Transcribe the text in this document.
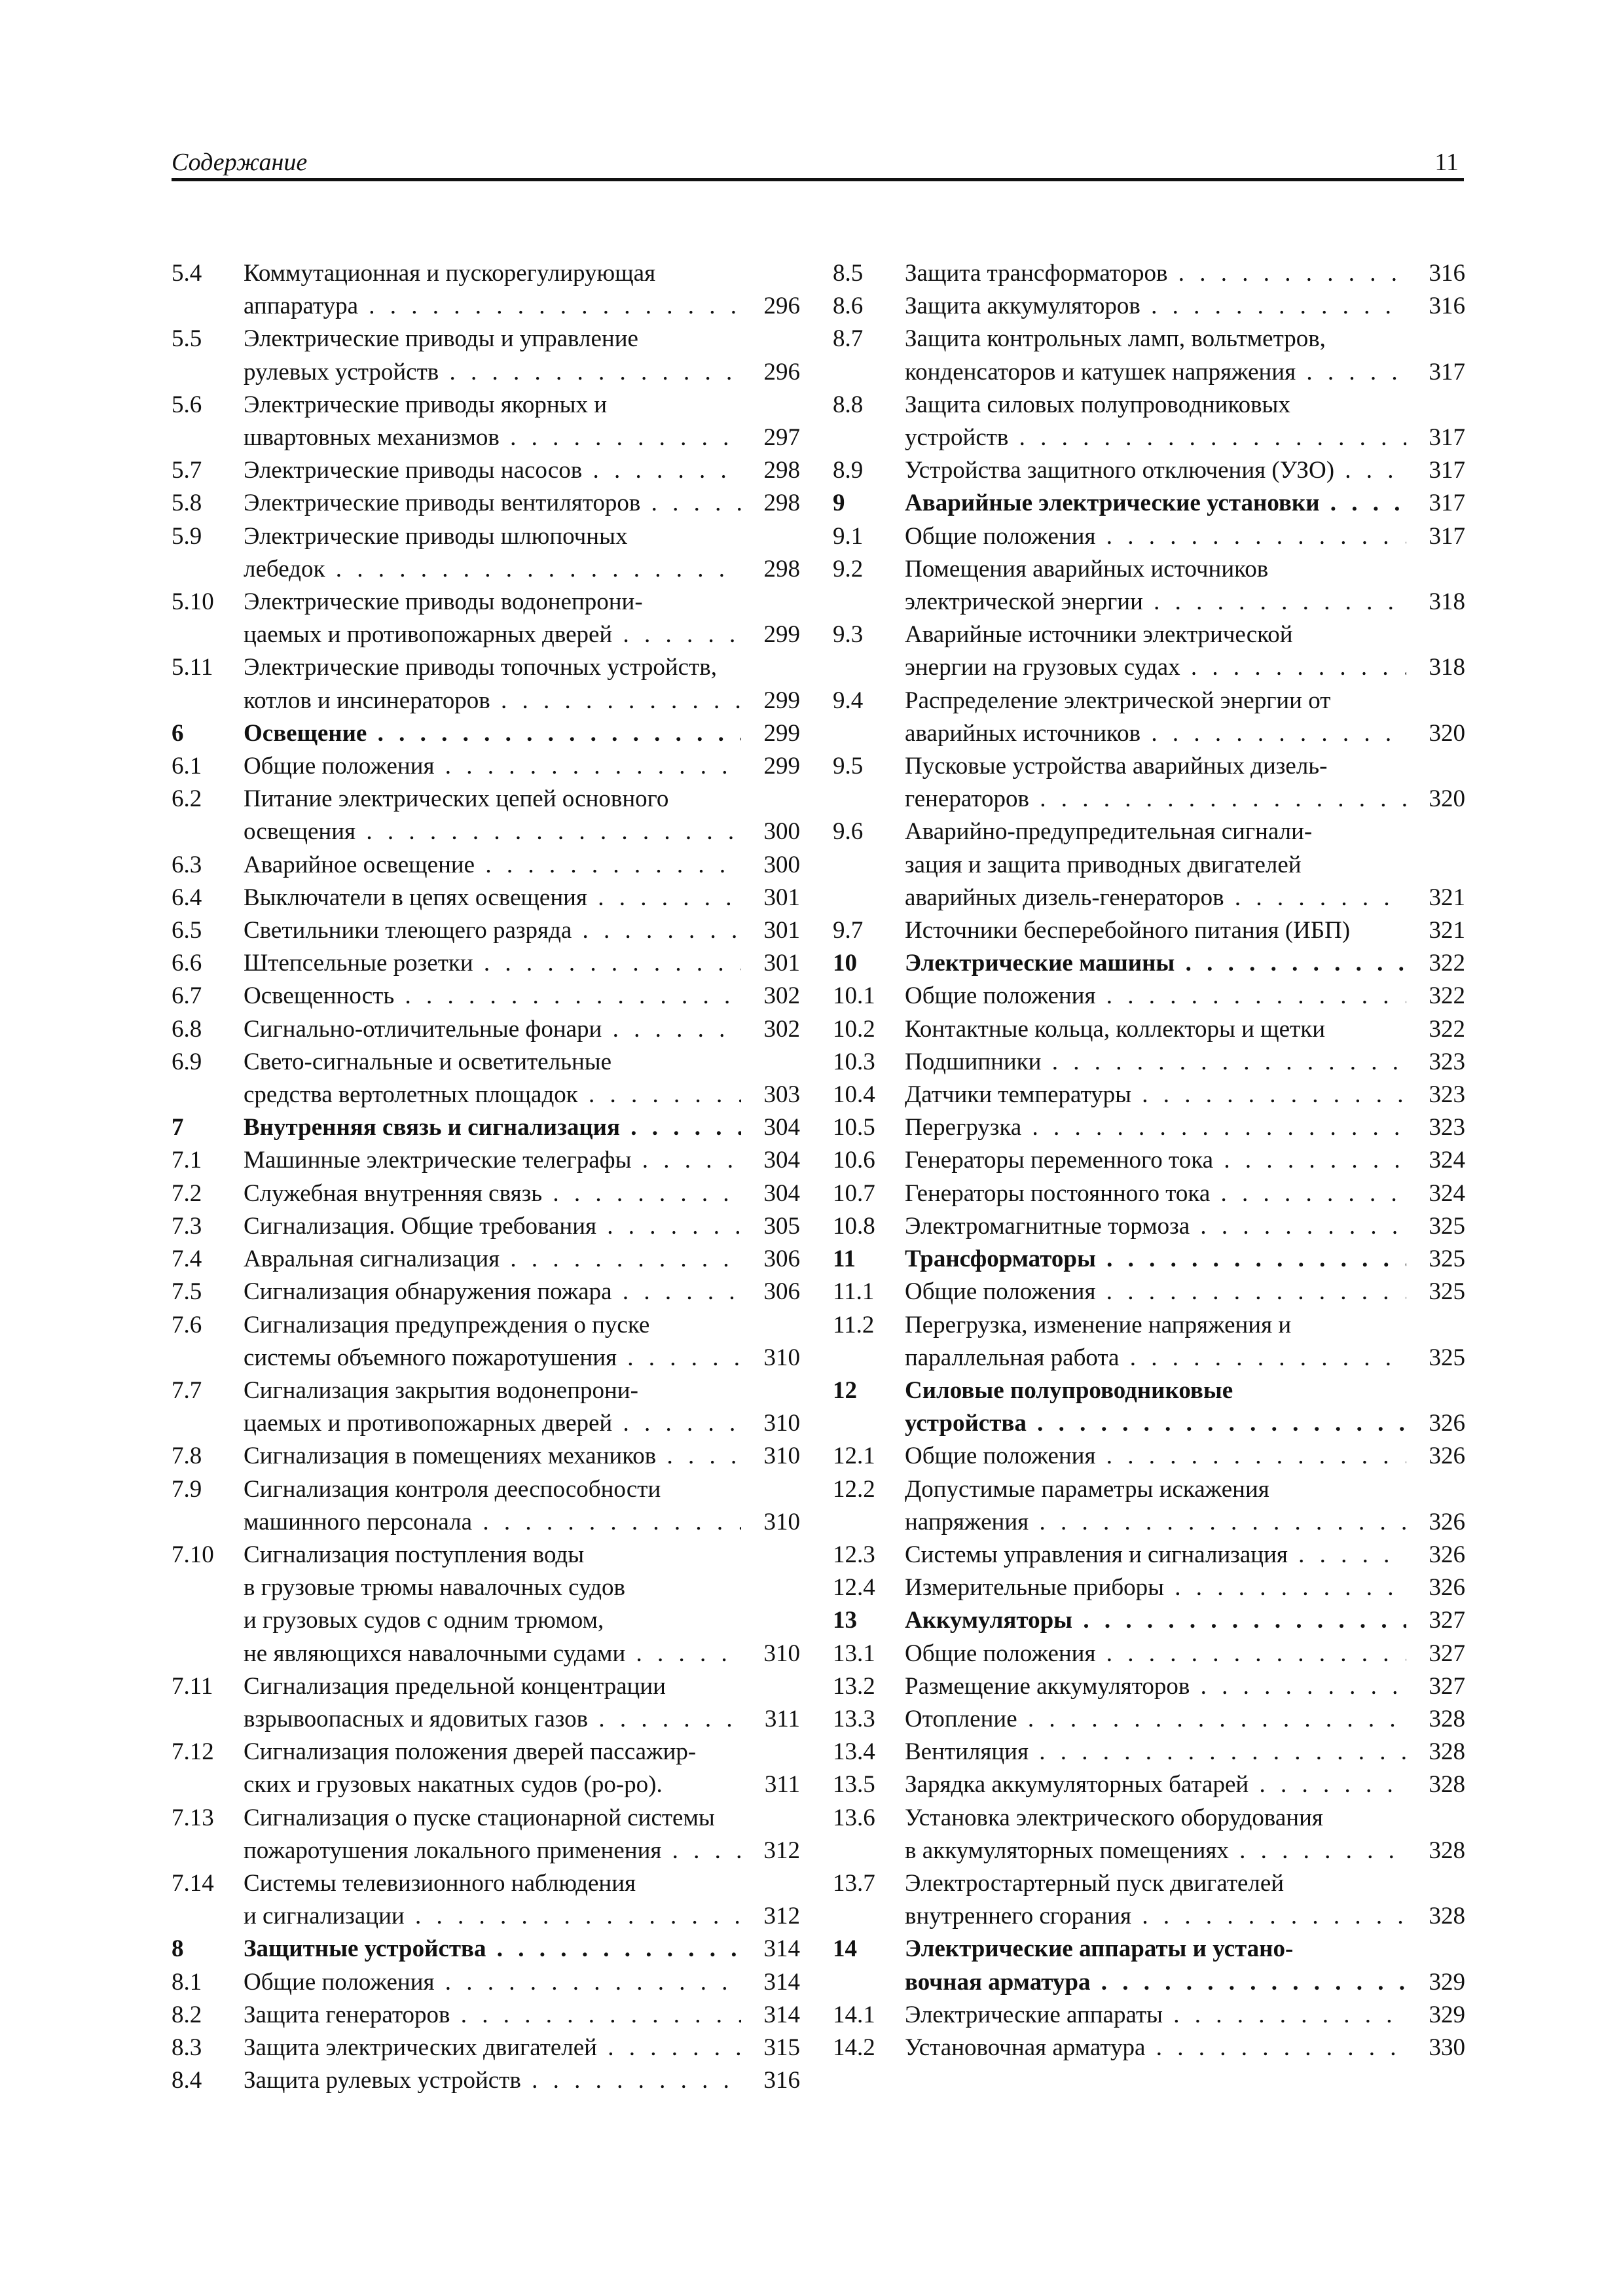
Содержание	11
5.4	Коммутационная и пускорегулирующая
аппаратура . . .	296
5.5	Электрические приводы и управление
рулевых устройств . . .	296
5.6	Электрические приводы якорных и
швартовных механизмов . . .	297
5.7	Электрические приводы насосов . . .	298
5.8	Электрические приводы вентиляторов . . .	298
5.9	Электрические приводы шлюпочных
лебедок . . .	298
5.10	Электрические приводы водонепрони-
цаемых и противопожарных дверей . . .	299
5.11	Электрические приводы топочных устройств,
котлов и инсинераторов . . .	299
6	Освещение . . .	299
6.1	Общие положения . . .	299
6.2	Питание электрических цепей основного
освещения . . .	300
6.3	Аварийное освещение . . .	300
6.4	Выключатели в цепях освещения . . .	301
6.5	Светильники тлеющего разряда . . .	301
6.6	Штепсельные розетки . . .	301
6.7	Освещенность . . .	302
6.8	Сигнально-отличительные фонари . . .	302
6.9	Свето-сигнальные и осветительные
средства вертолетных площадок . . .	303
7	Внутренняя связь и сигнализация . . .	304
7.1	Машинные электрические телеграфы . . .	304
7.2	Служебная внутренняя связь . . .	304
7.3	Сигнализация. Общие требования . . .	305
7.4	Авральная сигнализация . . .	306
7.5	Сигнализация обнаружения пожара . . .	306
7.6	Сигнализация предупреждения о пуске
системы объемного пожаротушения . . .	310
7.7	Сигнализация закрытия водонепрони-
цаемых и противопожарных дверей . . .	310
7.8	Сигнализация в помещениях механиков . . .	310
7.9	Сигнализация контроля дееспособности
машинного персонала . . .	310
7.10	Сигнализация поступления воды
в грузовые трюмы навалочных судов
и грузовых судов с одним трюмом,
не являющихся навалочными судами . . .	310
7.11	Сигнализация предельной концентрации
взрывоопасных и ядовитых газов . . .	311
7.12	Сигнализация положения дверей пассажир-
ских и грузовых накатных судов (ро-ро).	311
7.13	Сигнализация о пуске стационарной системы
пожаротушения локального применения . . .	312
7.14	Системы телевизионного наблюдения
и сигнализации . . .	312
8	Защитные устройства . . .	314
8.1	Общие положения . . .	314
8.2	Защита генераторов . . .	314
8.3	Защита электрических двигателей . . .	315
8.4	Защита рулевых устройств . . .	316
8.5	Защита трансформаторов . . .	316
8.6	Защита аккумуляторов . . .	316
8.7	Защита контрольных ламп, вольтметров,
конденсаторов и катушек напряжения . . .	317
8.8	Защита силовых полупроводниковых
устройств . . .	317
8.9	Устройства защитного отключения (УЗО) . . .	317
9	Аварийные электрические установки . . .	317
9.1	Общие положения . . .	317
9.2	Помещения аварийных источников
электрической энергии . . .	318
9.3	Аварийные источники электрической
энергии на грузовых судах . . .	318
9.4	Распределение электрической энергии от
аварийных источников . . .	320
9.5	Пусковые устройства аварийных дизель-
генераторов . . .	320
9.6	Аварийно-предупредительная сигнали-
зация и защита приводных двигателей
аварийных дизель-генераторов . . .	321
9.7	Источники бесперебойного питания (ИБП)	321
10	Электрические машины . . .	322
10.1	Общие положения . . .	322
10.2	Контактные кольца, коллекторы и щетки	322
10.3	Подшипники . . .	323
10.4	Датчики температуры . . .	323
10.5	Перегрузка . . .	323
10.6	Генераторы переменного тока . . .	324
10.7	Генераторы постоянного тока . . .	324
10.8	Электромагнитные тормоза . . .	325
11	Трансформаторы . . .	325
11.1	Общие положения . . .	325
11.2	Перегрузка, изменение напряжения и
параллельная работа . . .	325
12	Силовые полупроводниковые
устройства . . .	326
12.1	Общие положения . . .	326
12.2	Допустимые параметры искажения
напряжения . . .	326
12.3	Системы управления и сигнализация . . .	326
12.4	Измерительные приборы . . .	326
13	Аккумуляторы . . .	327
13.1	Общие положения . . .	327
13.2	Размещение аккумуляторов . . .	327
13.3	Отопление . . .	328
13.4	Вентиляция . . .	328
13.5	Зарядка аккумуляторных батарей . . .	328
13.6	Установка электрического оборудования
в аккумуляторных помещениях . . .	328
13.7	Электростартерный пуск двигателей
внутреннего сгорания . . .	328
14	Электрические аппараты и устано-
вочная арматура . . .	329
14.1	Электрические аппараты . . .	329
14.2	Установочная арматура . . .	330
